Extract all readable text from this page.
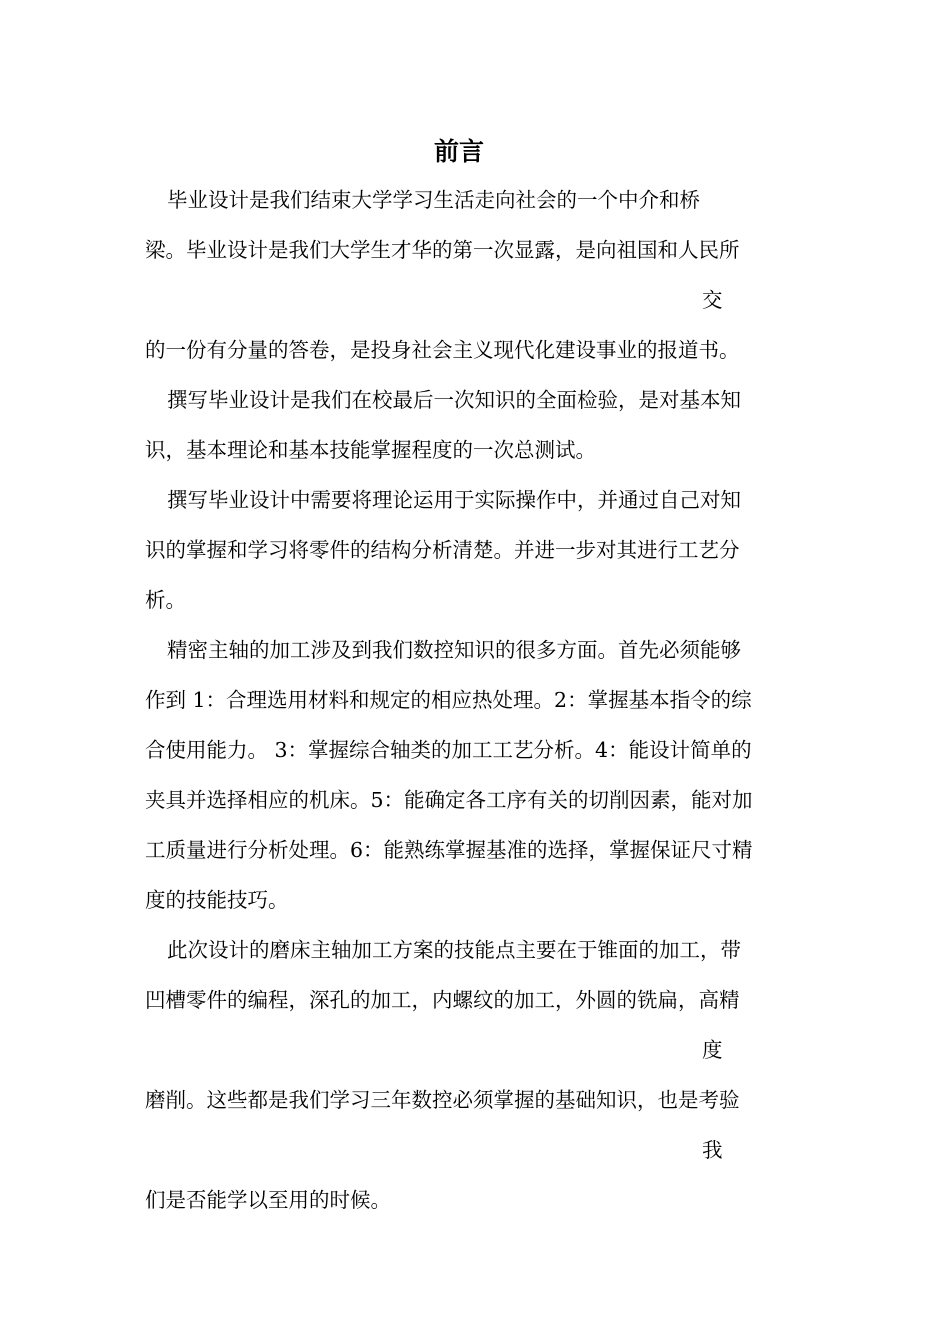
前言
毕业设计是我们结束大学学习生活走向社会的一个中介和桥
梁。毕业设计是我们大学生才华的第一次显露，是向祖国和人民所
交
的一份有分量的答卷，是投身社会主义现代化建设事业的报道书。
撰写毕业设计是我们在校最后一次知识的全面检验，是对基本知
识，基本理论和基本技能掌握程度的一次总测试。
撰写毕业设计中需要将理论运用于实际操作中，并通过自己对知
识的掌握和学习将零件的结构分析清楚。并进一步对其进行工艺分
析。
精密主轴的加工涉及到我们数控知识的很多方面。首先必须能够
作到 1：合理选用材料和规定的相应热处理。2：掌握基本指令的综
合使用能力。 3：掌握综合轴类的加工工艺分析。4：能设计简单的
夹具并选择相应的机床。5：能确定各工序有关的切削因素，能对加
工质量进行分析处理。6：能熟练掌握基准的选择，掌握保证尺寸精
度的技能技巧。
此次设计的磨床主轴加工方案的技能点主要在于锥面的加工，带
凹槽零件的编程，深孔的加工，内螺纹的加工，外圆的铣扁，高精
度
磨削。这些都是我们学习三年数控必须掌握的基础知识，也是考验
我
们是否能学以至用的时候。
